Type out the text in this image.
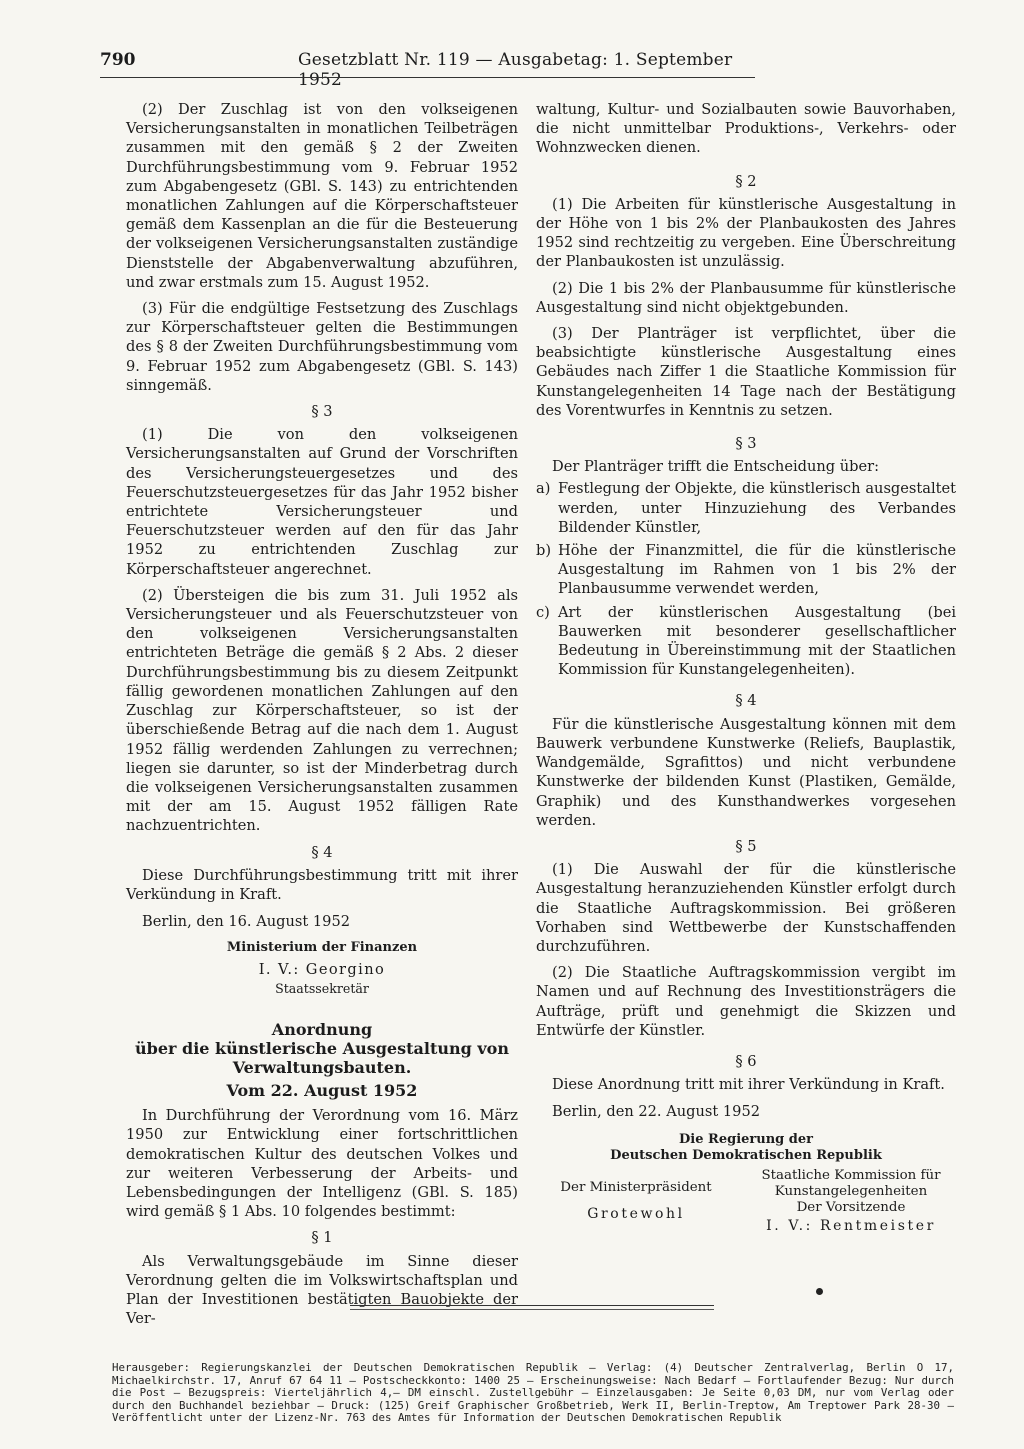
790	Gesetzblatt Nr. 119 — Ausgabetag: 1. September 1952

(2) Der Zuschlag ist von den volkseigenen Versicherungsanstalten in monatlichen Teilbeträgen zusammen mit den gemäß § 2 der Zweiten Durchführungsbestimmung vom 9. Februar 1952 zum Abgabengesetz (GBl. S. 143) zu entrichtenden monatlichen Zahlungen auf die Körperschaftsteuer gemäß dem Kassenplan an die für die Besteuerung der volkseigenen Versicherungsanstalten zuständige Dienststelle der Abgabenverwaltung abzuführen, und zwar erstmals zum 15. August 1952.

(3) Für die endgültige Festsetzung des Zuschlags zur Körperschaftsteuer gelten die Bestimmungen des § 8 der Zweiten Durchführungsbestimmung vom 9. Februar 1952 zum Abgabengesetz (GBl. S. 143) sinngemäß.

§ 3

(1) Die von den volkseigenen Versicherungsanstalten auf Grund der Vorschriften des Versicherungsteuergesetzes und des Feuerschutzsteuergesetzes für das Jahr 1952 bisher entrichtete Versicherungsteuer und Feuerschutzsteuer werden auf den für das Jahr 1952 zu entrichtenden Zuschlag zur Körperschaftsteuer angerechnet.

(2) Übersteigen die bis zum 31. Juli 1952 als Versicherungsteuer und als Feuerschutzsteuer von den volkseigenen Versicherungsanstalten entrichteten Beträge die gemäß § 2 Abs. 2 dieser Durchführungsbestimmung bis zu diesem Zeitpunkt fällig gewordenen monatlichen Zahlungen auf den Zuschlag zur Körperschaftsteuer, so ist der überschießende Betrag auf die nach dem 1. August 1952 fällig werdenden Zahlungen zu verrechnen; liegen sie darunter, so ist der Minderbetrag durch die volkseigenen Versicherungsanstalten zusammen mit der am 15. August 1952 fälligen Rate nachzuentrichten.

§ 4

Diese Durchführungsbestimmung tritt mit ihrer Verkündung in Kraft.

Berlin, den 16. August 1952

Ministerium der Finanzen
I. V.: Georgino
Staatssekretär
Anordnung
über die künstlerische Ausgestaltung von
Verwaltungsbauten.
Vom 22. August 1952

In Durchführung der Verordnung vom 16. März 1950 zur Entwicklung einer fortschrittlichen demokratischen Kultur des deutschen Volkes und zur weiteren Verbesserung der Arbeits- und Lebensbedingungen der Intelligenz (GBl. S. 185) wird gemäß § 1 Abs. 10 folgendes bestimmt:

§ 1

Als Verwaltungsgebäude im Sinne dieser Verordnung gelten die im Volkswirtschaftsplan und Plan der Investitionen bestätigten Bauobjekte der Ver-

waltung, Kultur- und Sozialbauten sowie Bauvorhaben, die nicht unmittelbar Produktions-, Verkehrs- oder Wohnzwecken dienen.

§ 2

(1) Die Arbeiten für künstlerische Ausgestaltung in der Höhe von 1 bis 2% der Planbaukosten des Jahres 1952 sind rechtzeitig zu vergeben. Eine Überschreitung der Planbaukosten ist unzulässig.

(2) Die 1 bis 2% der Planbausumme für künstlerische Ausgestaltung sind nicht objektgebunden.

(3) Der Planträger ist verpflichtet, über die beabsichtigte künstlerische Ausgestaltung eines Gebäudes nach Ziffer 1 die Staatliche Kommission für Kunstangelegenheiten 14 Tage nach der Bestätigung des Vorentwurfes in Kenntnis zu setzen.

§ 3

Der Planträger trifft die Entscheidung über:

a) Festlegung der Objekte, die künstlerisch ausgestaltet werden, unter Hinzuziehung des Verbandes Bildender Künstler,
b) Höhe der Finanzmittel, die für die künstlerische Ausgestaltung im Rahmen von 1 bis 2% der Planbausumme verwendet werden,
c) Art der künstlerischen Ausgestaltung (bei Bauwerken mit besonderer gesellschaftlicher Bedeutung in Übereinstimmung mit der Staatlichen Kommission für Kunstangelegenheiten).
§ 4

Für die künstlerische Ausgestaltung können mit dem Bauwerk verbundene Kunstwerke (Reliefs, Bauplastik, Wandgemälde, Sgrafittos) und nicht verbundene Kunstwerke der bildenden Kunst (Plastiken, Gemälde, Graphik) und des Kunsthandwerkes vorgesehen werden.

§ 5

(1) Die Auswahl der für die künstlerische Ausgestaltung heranzuziehenden Künstler erfolgt durch die Staatliche Auftragskommission. Bei größeren Vorhaben sind Wettbewerbe der Kunstschaffenden durchzuführen.

(2) Die Staatliche Auftragskommission vergibt im Namen und auf Rechnung des Investitionsträgers die Aufträge, prüft und genehmigt die Skizzen und Entwürfe der Künstler.

§ 6

Diese Anordnung tritt mit ihrer Verkündung in Kraft.

Berlin, den 22. August 1952

Die Regierung der
Deutschen Demokratischen Republik
Der Ministerpräsident
Grotewohl
Staatliche Kommission für
Kunstangelegenheiten
Der Vorsitzende
I. V.: Rentmeister
Herausgeber: Regierungskanzlei der Deutschen Demokratischen Republik — Verlag: (4) Deutscher Zentralverlag, Berlin O 17, Michaelkirchstr. 17, Anruf 67 64 11 — Postscheckkonto: 1400 25 — Erscheinungsweise: Nach Bedarf — Fortlaufender Bezug: Nur durch die Post — Bezugspreis: Vierteljährlich 4,— DM einschl. Zustellgebühr — Einzelausgaben: Je Seite 0,03 DM, nur vom Verlag oder durch den Buchhandel beziehbar — Druck: (125) Greif Graphischer Großbetrieb, Werk II, Berlin-Treptow, Am Treptower Park 28-30 — Veröffentlicht unter der Lizenz-Nr. 763 des Amtes für Information der Deutschen Demokratischen Republik
